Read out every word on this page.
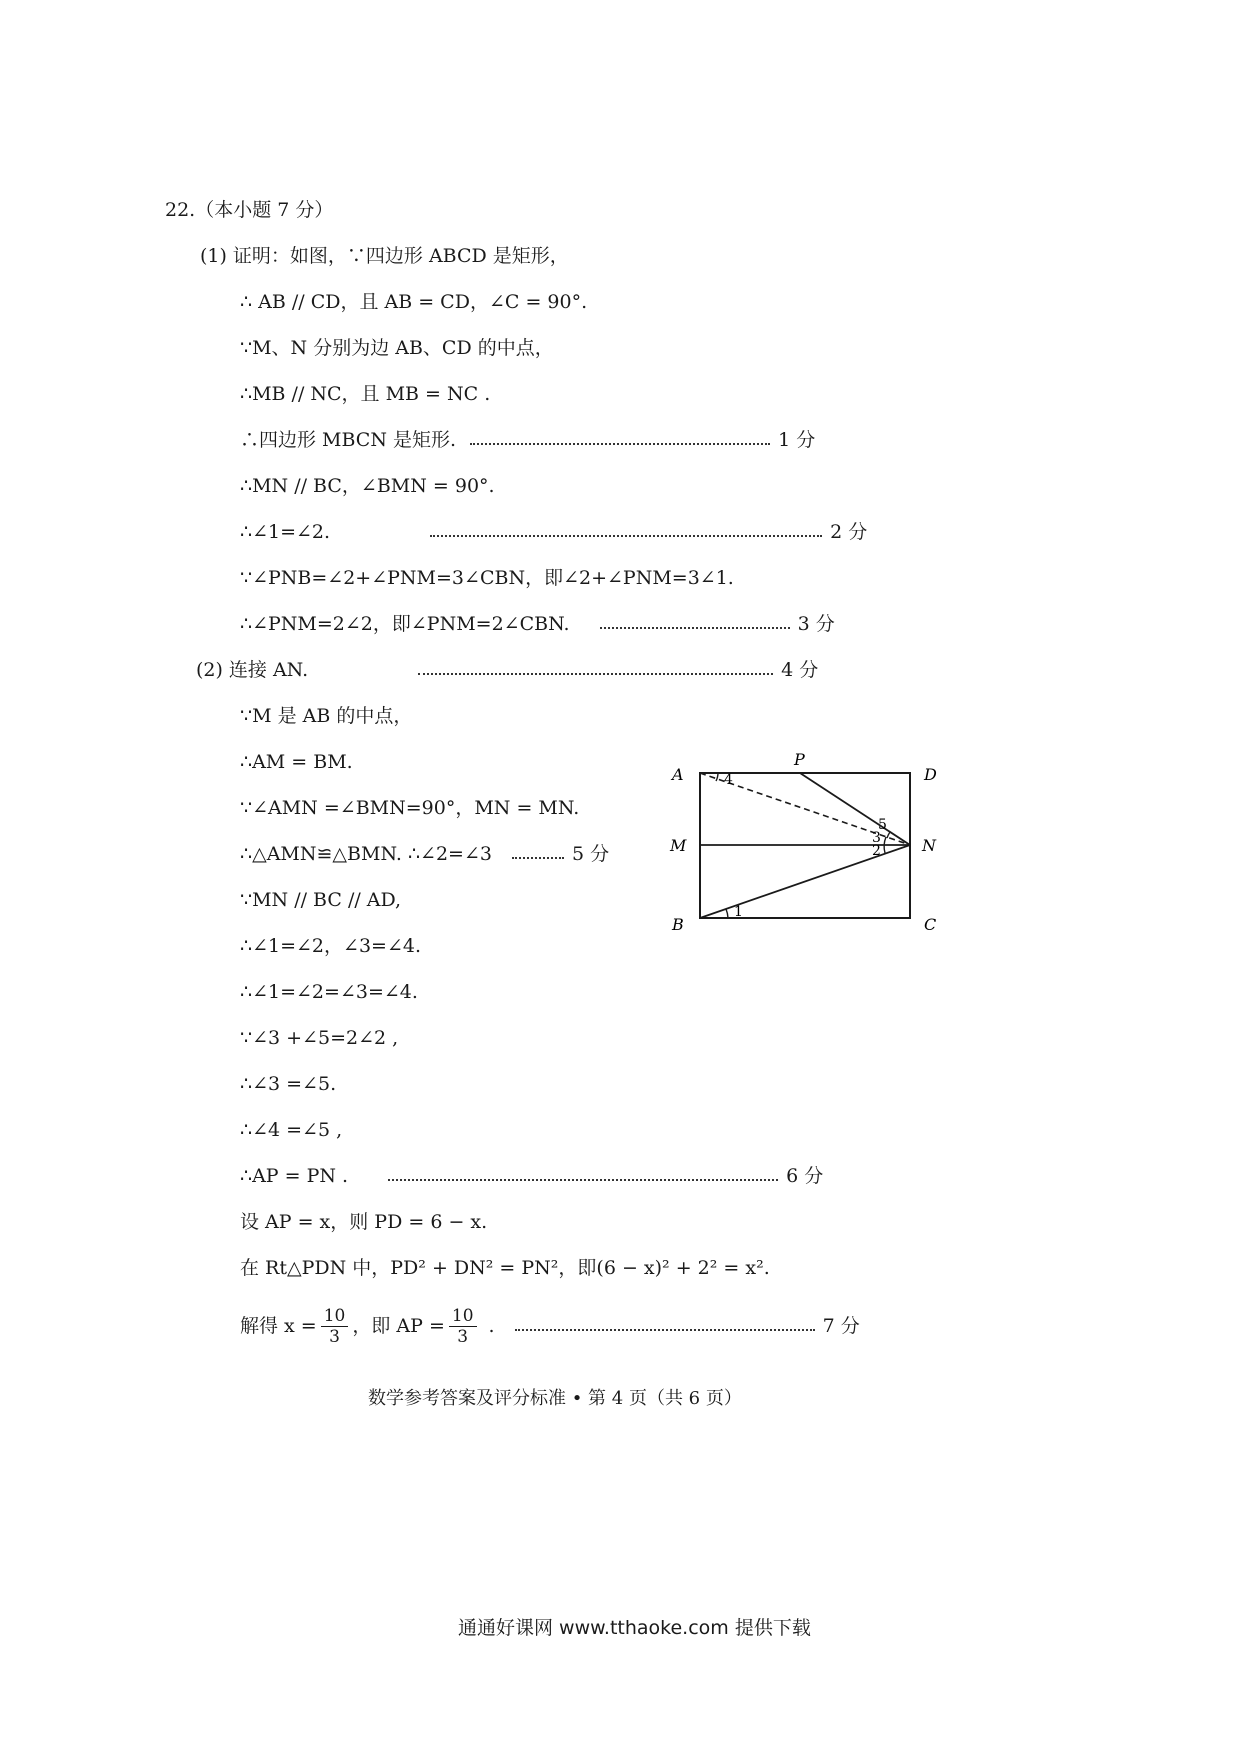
22.（本小题 7 分）
(1) 证明：如图，∵四边形 ABCD 是矩形，
∴ AB // CD，且 AB = CD，∠C = 90°.
∵M、N 分别为边 AB、CD 的中点，
∴MB // NC，且 MB = NC .
∴四边形 MBCN 是矩形.	1 分
∴MN // BC，∠BMN = 90°.
∴∠1=∠2.	2 分
∵∠PNB=∠2+∠PNM=3∠CBN，即∠2+∠PNM=3∠1.
∴∠PNM=2∠2，即∠PNM=2∠CBN.	3 分
(2) 连接 AN.	4 分
∵M 是 AB 的中点，
∴AM = BM.
∵∠AMN =∠BMN=90°，MN = MN.
∴△AMN≌△BMN. ∴∠2=∠3	5 分
∵MN // BC // AD,
∴∠1=∠2，∠3=∠4.
∴∠1=∠2=∠3=∠4.
∵∠3 +∠5=2∠2 ,
∴∠3 =∠5.
∴∠4 =∠5 ,
∴AP = PN .	6 分
设 AP = x，则 PD = 6 − x.
在 Rt△PDN 中，PD² + DN² = PN²，即(6 − x)² + 2² = x².
解得 $x = \frac{10}{3}$ ，即 AP = $\frac{10}{3}$ .	7 分
A
P
D
M	N
B	C
4
1
2
3
5
数学参考答案及评分标准 • 第 4 页（共 6 页）
通通好课网 www.tthaoke.com 提供下载
